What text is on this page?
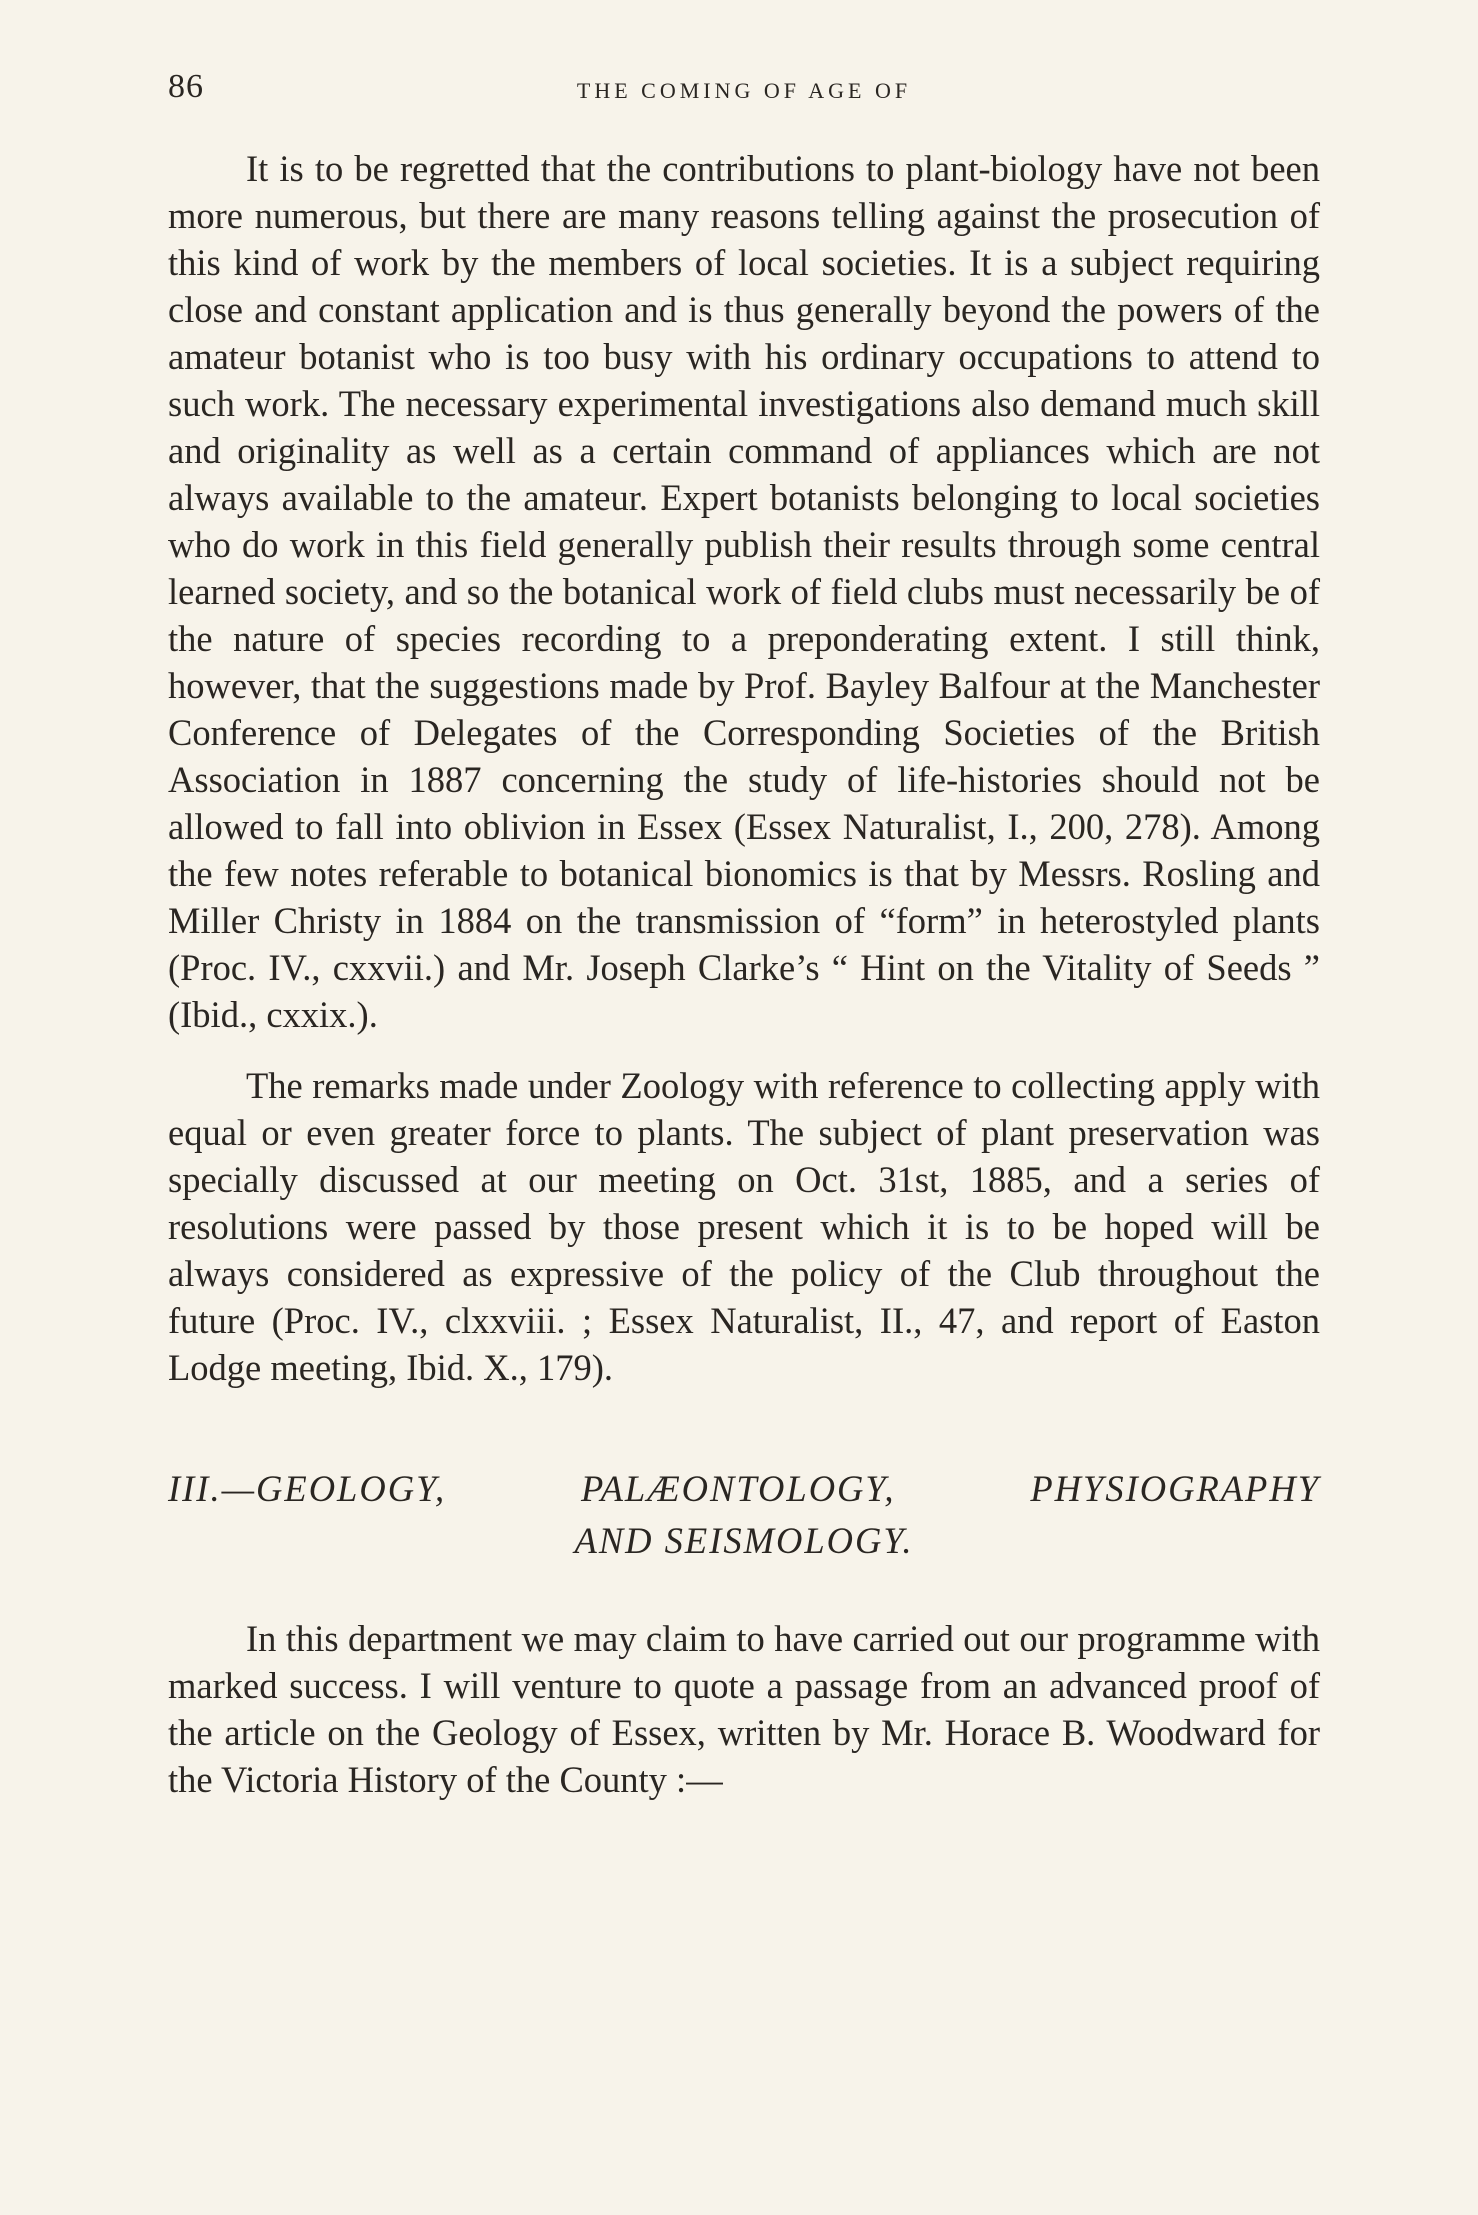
86	THE COMING OF AGE OF

It is to be regretted that the contributions to plant-biology have not been more numerous, but there are many reasons telling against the prosecution of this kind of work by the members of local societies. It is a subject requiring close and constant application and is thus generally beyond the powers of the amateur botanist who is too busy with his ordinary occupations to attend to such work. The necessary experimental investigations also demand much skill and originality as well as a certain command of appliances which are not always available to the amateur. Expert botanists belonging to local societies who do work in this field generally publish their results through some central learned society, and so the botanical work of field clubs must necessarily be of the nature of species recording to a preponderating extent. I still think, however, that the suggestions made by Prof. Bayley Balfour at the Manchester Conference of Delegates of the Corresponding Societies of the British Association in 1887 concerning the study of life-histories should not be allowed to fall into oblivion in Essex (Essex Naturalist, I., 200, 278). Among the few notes referable to botanical bionomics is that by Messrs. Rosling and Miller Christy in 1884 on the transmission of “form” in heterostyled plants (Proc. IV., cxxvii.) and Mr. Joseph Clarke’s “ Hint on the Vitality of Seeds ” (Ibid., cxxix.).

The remarks made under Zoology with reference to collecting apply with equal or even greater force to plants. The subject of plant preservation was specially discussed at our meeting on Oct. 31st, 1885, and a series of resolutions were passed by those present which it is to be hoped will be always considered as expressive of the policy of the Club throughout the future (Proc. IV., clxxviii. ; Essex Naturalist, II., 47, and report of Easton Lodge meeting, Ibid. X., 179).

III.—GEOLOGY,	PALÆONTOLOGY,	PHYSIOGRAPHY
AND SEISMOLOGY.

In this department we may claim to have carried out our programme with marked success. I will venture to quote a passage from an advanced proof of the article on the Geology of Essex, written by Mr. Horace B. Woodward for the Victoria History of the County :—
